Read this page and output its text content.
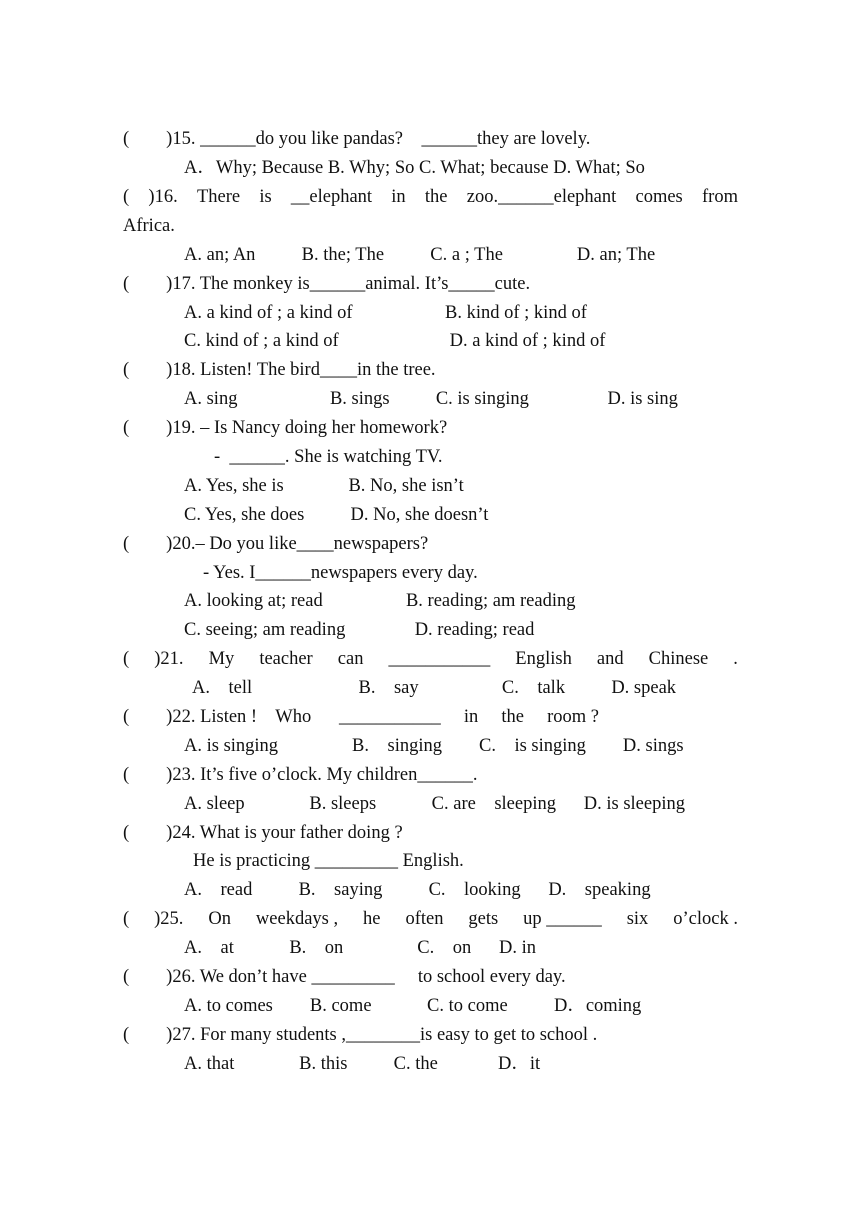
(        )15. ______do you like pandas?    ______they are lovely.
A．Why; Because B. Why; So C. What; because D. What; So
( )16. There is __elephant in the zoo.______elephant comes from
Africa.
A. an; An          B. the; The          C. a ; The                D. an; The
(        )17. The monkey is______animal. It’s_____cute.
A. a kind of ; a kind of                    B. kind of ; kind of
C. kind of ; a kind of                        D. a kind of ; kind of
(        )18. Listen! The bird____in the tree.
A. sing                    B. sings          C. is singing                 D. is sing
(        )19. – Is Nancy doing her homework?
-  ______. She is watching TV.
A. Yes, she is              B. No, she isn’t
C. Yes, she does          D. No, she doesn’t
(        )20.– Do you like____newspapers?
- Yes. I______newspapers every day.
A. looking at; read                  B. reading; am reading
C. seeing; am reading               D. reading; read
( )21. My teacher can ___________ English and Chinese .
A.    tell                       B.    say                  C.    talk          D. speak
(        )22. Listen !    Who      ___________     in     the     room ?
A. is singing                B.    singing        C.    is singing        D. sings
(        )23. It’s five o’clock. My children______.
A. sleep              B. sleeps            C. are    sleeping      D. is sleeping
(        )24. What is your father doing ?
He is practicing _________ English.
A.    read          B.    saying          C.    looking      D.    speaking
( )25. On weekdays , he often gets up ______ six o’clock .
A.    at            B.    on                C.    on      D. in
(        )26. We don’t have _________     to school every day.
A. to comes        B. come            C. to come          D．coming
(        )27. For many students ,________is easy to get to school .
A. that              B. this          C. the             D．it
